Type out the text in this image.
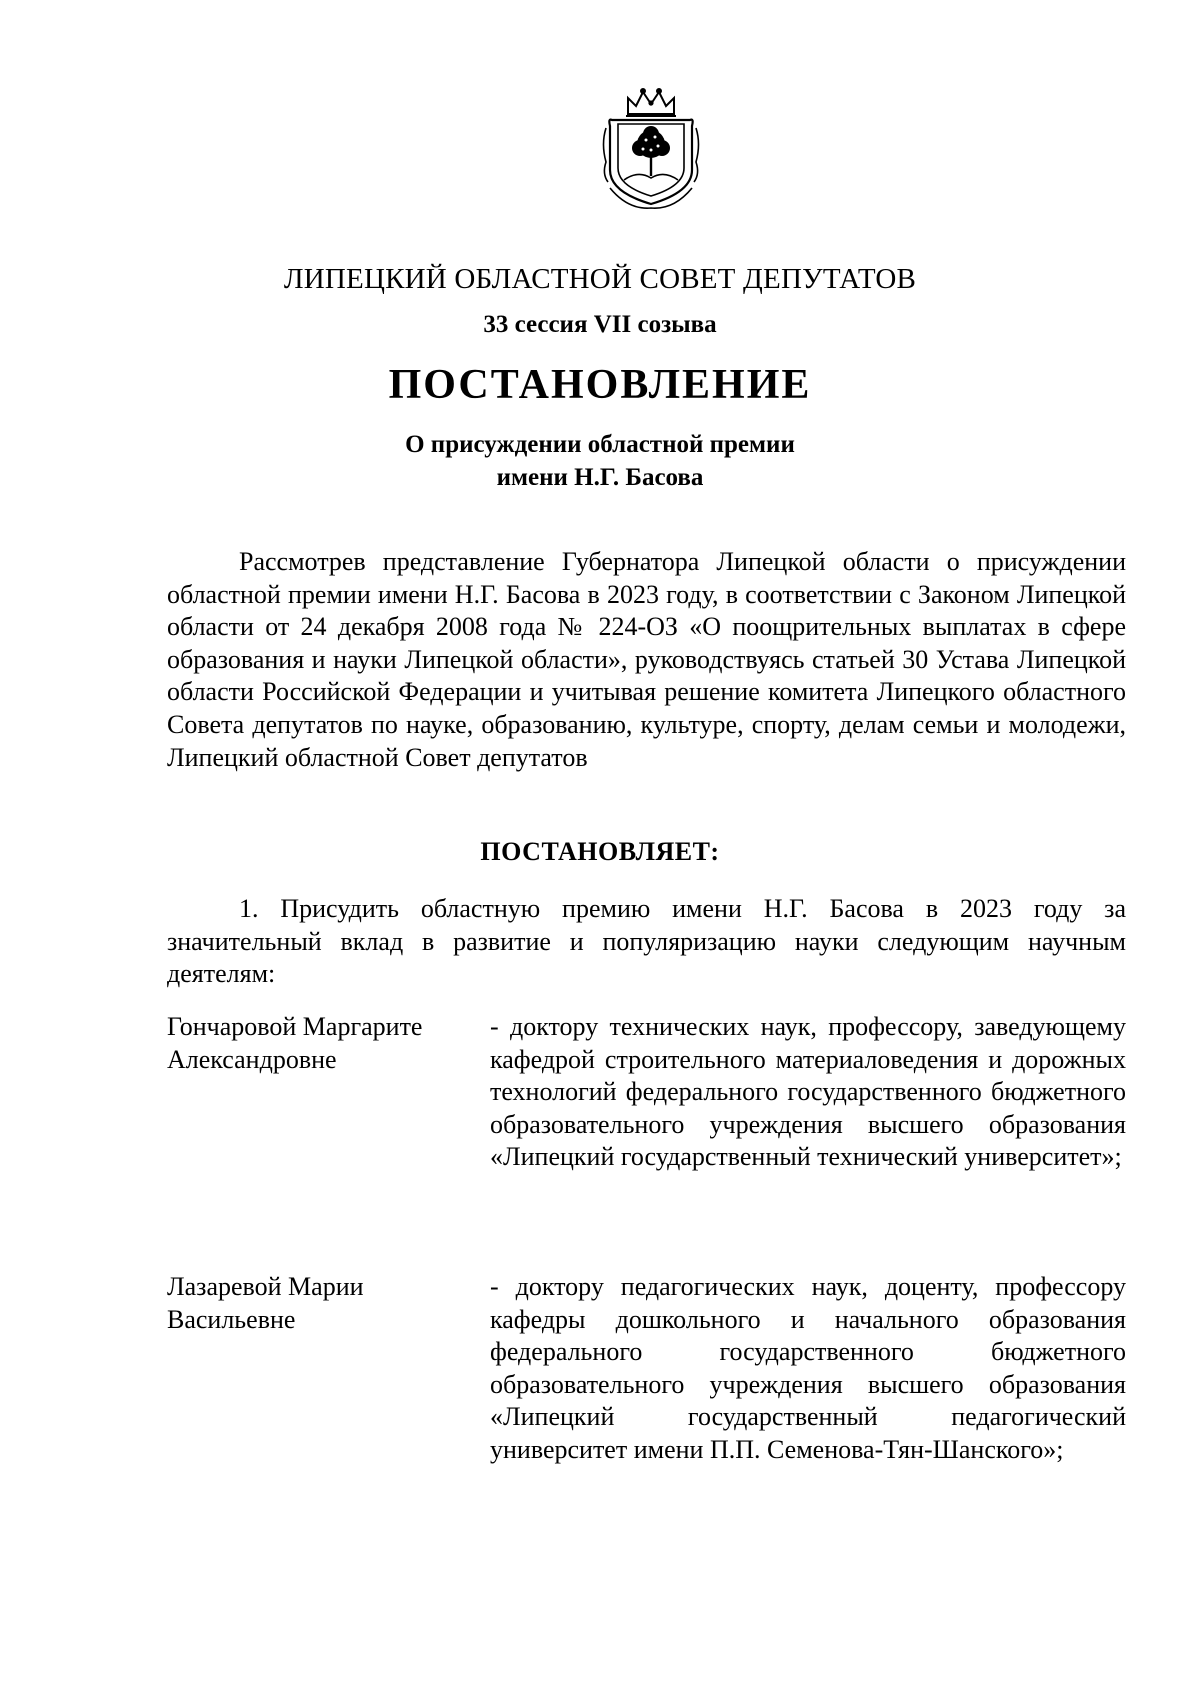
ЛИПЕЦКИЙ ОБЛАСТНОЙ СОВЕТ ДЕПУТАТОВ
33 сессия VII созыва
ПОСТАНОВЛЕНИЕ
О присуждении областной премии
имени Н.Г. Басова

Рассмотрев представление Губернатора Липецкой области о присуждении областной премии имени Н.Г. Басова в 2023 году, в соответствии с Законом Липецкой области от 24 декабря 2008 года № 224-ОЗ «О поощрительных выплатах в сфере образования и науки Липецкой области», руководствуясь статьей 30 Устава Липецкой области Российской Федерации и учитывая решение комитета Липецкого областного Совета депутатов по науке, образованию, культуре, спорту, делам семьи и молодежи, Липецкий областной Совет депутатов

ПОСТАНОВЛЯЕТ:

1. Присудить областную премию имени Н.Г. Басова в 2023 году за значительный вклад в развитие и популяризацию науки следующим научным деятелям:

Гончаровой Маргарите Александровне

- доктору технических наук, профессору, заведующему кафедрой строительного материаловедения и дорожных технологий федерального государственного бюджетного образовательного учреждения высшего образования «Липецкий государственный технический университет»;

Лазаревой Марии Васильевне

- доктору педагогических наук, доценту, профессору кафедры дошкольного и начального образования федерального государственного бюджетного образовательного учреждения высшего образования «Липецкий государственный педагогический университет имени П.П. Семенова-Тян-Шанского»;
